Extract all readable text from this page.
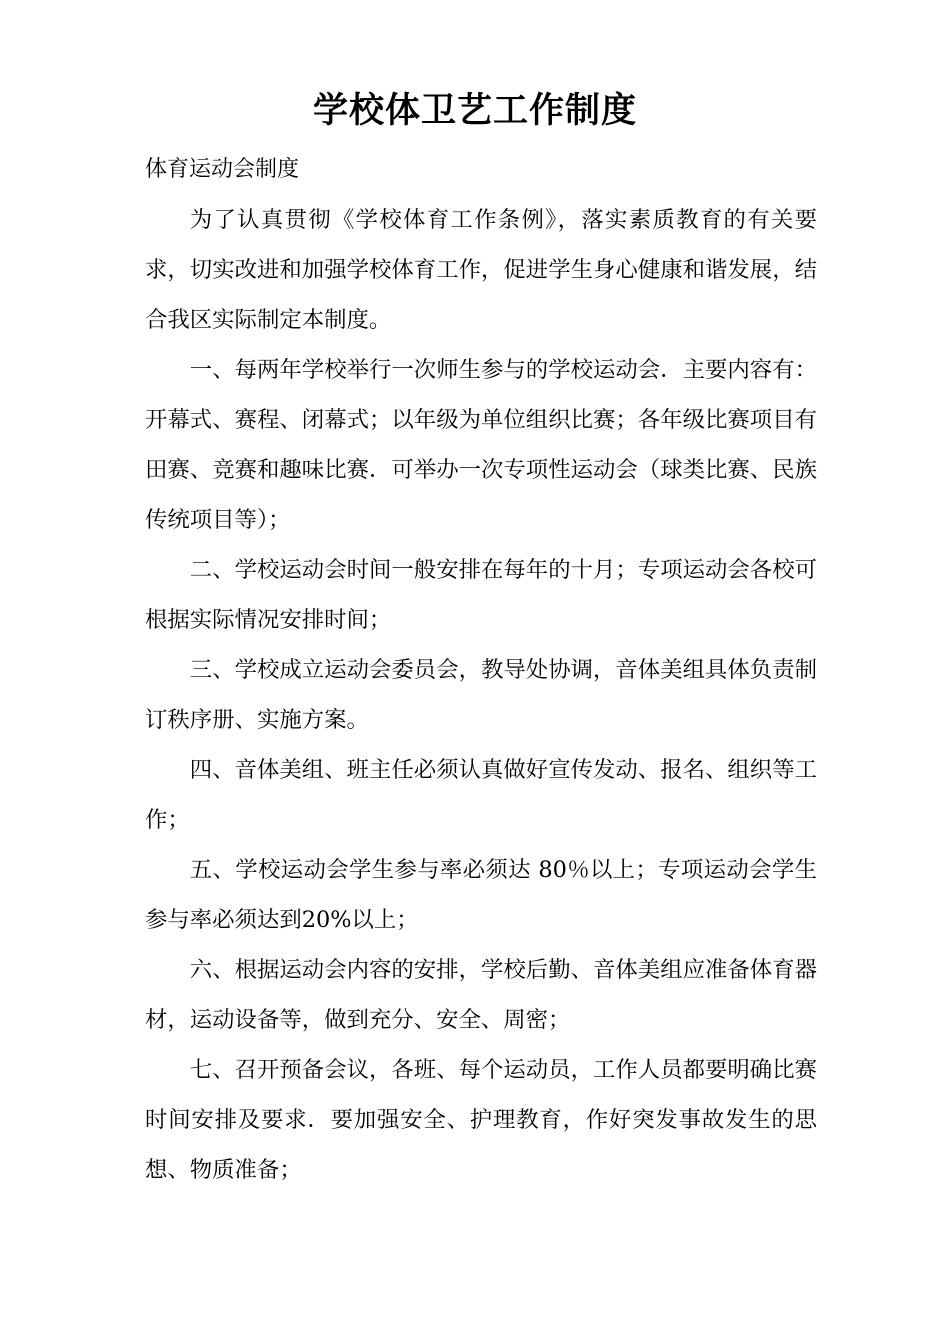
学校体卫艺工作制度
体育运动会制度

为了认真贯彻《学校体育工作条例》，落实素质教育的有关要求，切实改进和加强学校体育工作，促进学生身心健康和谐发展，结合我区实际制定本制度。

一、每两年学校举行一次师生参与的学校运动会．主要内容有：开幕式、赛程、闭幕式；以年级为单位组织比赛；各年级比赛项目有田赛、竞赛和趣味比赛．可举办一次专项性运动会（球类比赛、民族传统项目等）；

二、学校运动会时间一般安排在每年的十月；专项运动会各校可根据实际情况安排时间；

三、学校成立运动会委员会，教导处协调，音体美组具体负责制订秩序册、实施方案。

四、音体美组、班主任必须认真做好宣传发动、报名、组织等工作；

五、学校运动会学生参与率必须达 80％以上；专项运动会学生参与率必须达到20%以上；

六、根据运动会内容的安排，学校后勤、音体美组应准备体育器材，运动设备等，做到充分、安全、周密；

七、召开预备会议，各班、每个运动员，工作人员都要明确比赛时间安排及要求．要加强安全、护理教育，作好突发事故发生的思想、物质准备；
